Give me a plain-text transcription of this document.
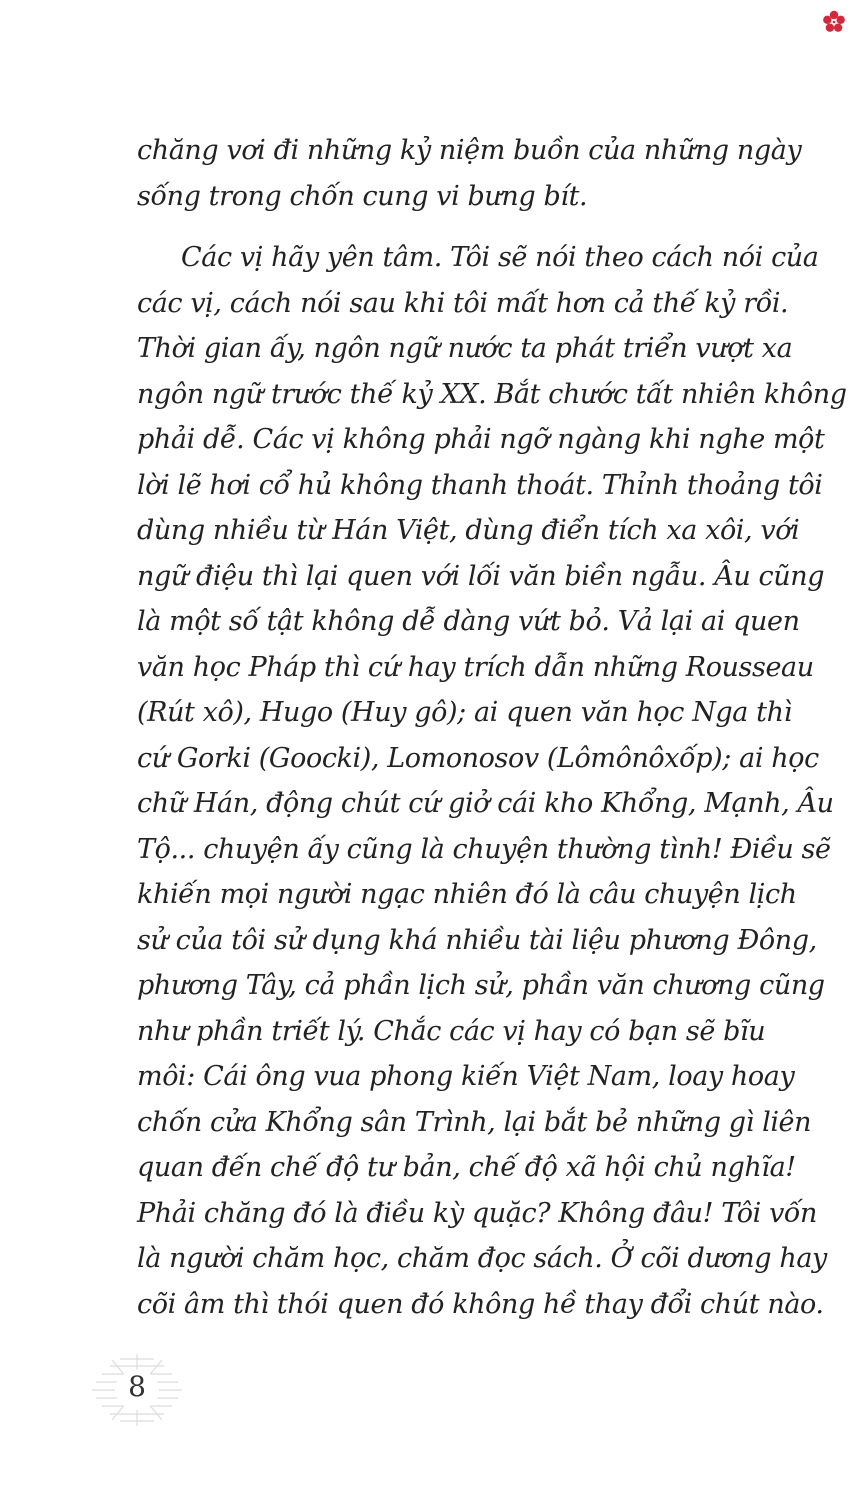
chăng vơi đi những kỷ niệm buồn của những ngày
sống trong chốn cung vi bưng bít.
Các vị hãy yên tâm. Tôi sẽ nói theo cách nói của
các vị, cách nói sau khi tôi mất hơn cả thế kỷ rồi.
Thời gian ấy, ngôn ngữ nước ta phát triển vượt xa
ngôn ngữ trước thế kỷ XX. Bắt chước tất nhiên không
phải dễ. Các vị không phải ngỡ ngàng khi nghe một
lời lẽ hơi cổ hủ không thanh thoát. Thỉnh thoảng tôi
dùng nhiều từ Hán Việt, dùng điển tích xa xôi, với
ngữ điệu thì lại quen với lối văn biền ngẫu. Âu cũng
là một số tật không dễ dàng vứt bỏ. Vả lại ai quen
văn học Pháp thì cứ hay trích dẫn những Rousseau
(Rút xô), Hugo (Huy gô); ai quen văn học Nga thì
cứ Gorki (Goocki), Lomonosov (Lômônôxốp); ai học
chữ Hán, động chút cứ giở cái kho Khổng, Mạnh, Âu
Tộ... chuyện ấy cũng là chuyện thường tình! Điều sẽ
khiến mọi người ngạc nhiên đó là câu chuyện lịch
sử của tôi sử dụng khá nhiều tài liệu phương Đông,
phương Tây, cả phần lịch sử, phần văn chương cũng
như phần triết lý. Chắc các vị hay có bạn sẽ bĩu
môi: Cái ông vua phong kiến Việt Nam, loay hoay
chốn cửa Khổng sân Trình, lại bắt bẻ những gì liên
quan đến chế độ tư bản, chế độ xã hội chủ nghĩa!
Phải chăng đó là điều kỳ quặc? Không đâu! Tôi vốn
là người chăm học, chăm đọc sách. Ở cõi dương hay
cõi âm thì thói quen đó không hề thay đổi chút nào.
8
